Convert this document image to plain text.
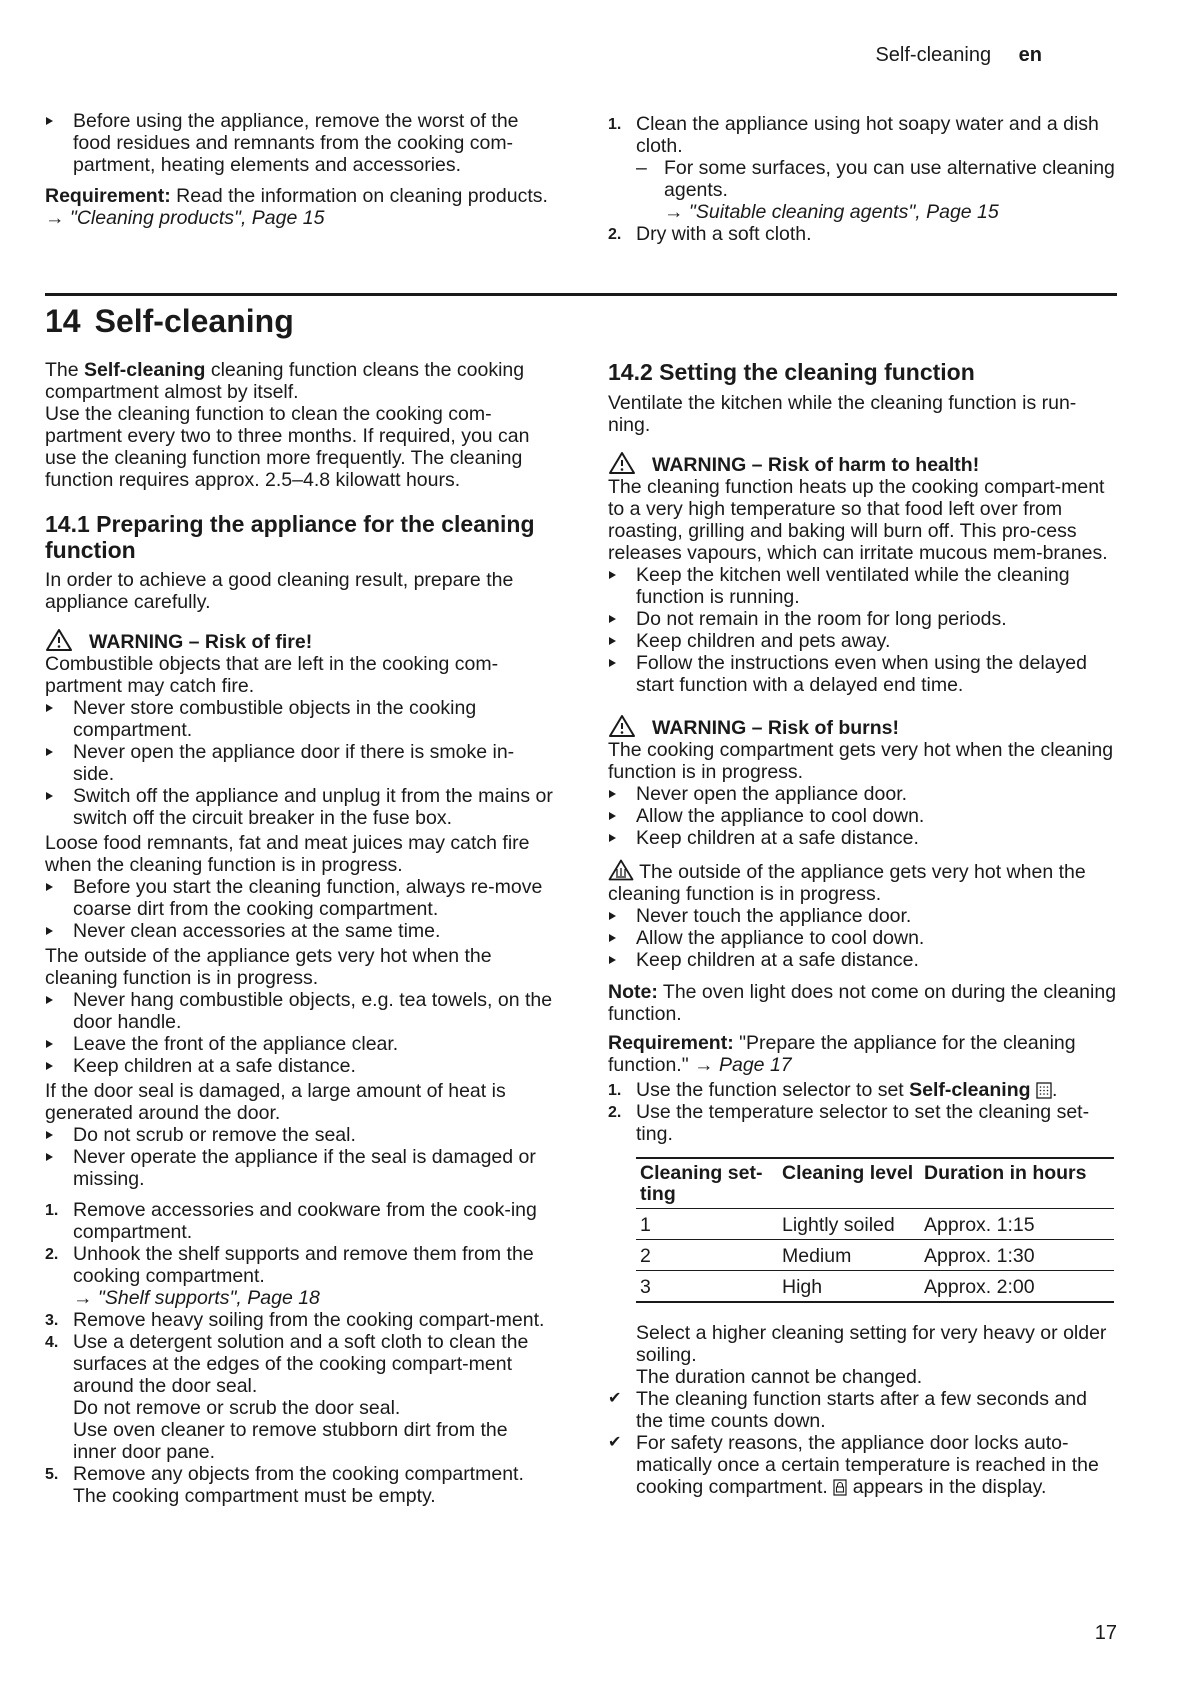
Self-cleaning en
Before using the appliance, remove the worst of the food residues and remnants from the cooking com-partment, heating elements and accessories.

Requirement: Read the information on cleaning products.
→ "Cleaning products", Page 15

1. Clean the appliance using hot soapy water and a dish cloth.
– For some surfaces, you can use alternative cleaning agents.
→ "Suitable cleaning agents", Page 15
2. Dry with a soft cloth.
14 Self-cleaning

The Self-cleaning cleaning function cleans the cooking compartment almost by itself.

Use the cleaning function to clean the cooking com-partment every two to three months. If required, you can use the cleaning function more frequently. The cleaning function requires approx. 2.5–4.8 kilowatt hours.

14.1 Preparing the appliance for the cleaning function

In order to achieve a good cleaning result, prepare the appliance carefully.

WARNING – Risk of fire!

Combustible objects that are left in the cooking com-partment may catch fire.

Never store combustible objects in the cooking compartment.
Never open the appliance door if there is smoke in-side.
Switch off the appliance and unplug it from the mains or switch off the circuit breaker in the fuse box.

Loose food remnants, fat and meat juices may catch fire when the cleaning function is in progress.

Before you start the cleaning function, always re-move coarse dirt from the cooking compartment.
Never clean accessories at the same time.

The outside of the appliance gets very hot when the cleaning function is in progress.

Never hang combustible objects, e.g. tea towels, on the door handle.
Leave the front of the appliance clear.
Keep children at a safe distance.

If the door seal is damaged, a large amount of heat is generated around the door.

Do not scrub or remove the seal.
Never operate the appliance if the seal is damaged or missing.
1. Remove accessories and cookware from the cook-ing compartment.
2. Unhook the shelf supports and remove them from the cooking compartment.
→ "Shelf supports", Page 18
3. Remove heavy soiling from the cooking compart-ment.
4. Use a detergent solution and a soft cloth to clean the surfaces at the edges of the cooking compart-ment around the door seal.
Do not remove or scrub the door seal.
Use oven cleaner to remove stubborn dirt from the inner door pane.
5. Remove any objects from the cooking compartment.
The cooking compartment must be empty.
14.2 Setting the cleaning function

Ventilate the kitchen while the cleaning function is run-ning.

WARNING – Risk of harm to health!

The cleaning function heats up the cooking compart-ment to a very high temperature so that food left over from roasting, grilling and baking will burn off. This pro-cess releases vapours, which can irritate mucous mem-branes.

Keep the kitchen well ventilated while the cleaning function is running.
Do not remain in the room for long periods.
Keep children and pets away.
Follow the instructions even when using the delayed start function with a delayed end time.
WARNING – Risk of burns!

The cooking compartment gets very hot when the cleaning function is in progress.

Never open the appliance door.
Allow the appliance to cool down.
Keep children at a safe distance.

The outside of the appliance gets very hot when the cleaning function is in progress.

Never touch the appliance door.
Allow the appliance to cool down.
Keep children at a safe distance.

Note: The oven light does not come on during the cleaning function.

Requirement: "Prepare the appliance for the cleaning function." → Page 17

1. Use the function selector to set Self-cleaning .
2. Use the temperature selector to set the cleaning set-ting.
Cleaning set-ting	Cleaning level	Duration in hours
1	Lightly soiled	Approx. 1:15
2	Medium	Approx. 1:30
3	High	Approx. 2:00

Select a higher cleaning setting for very heavy or older soiling.

The duration cannot be changed.

✔ The cleaning function starts after a few seconds and the time counts down.
✔ For safety reasons, the appliance door locks auto-matically once a certain temperature is reached in the cooking compartment. appears in the display.
17
